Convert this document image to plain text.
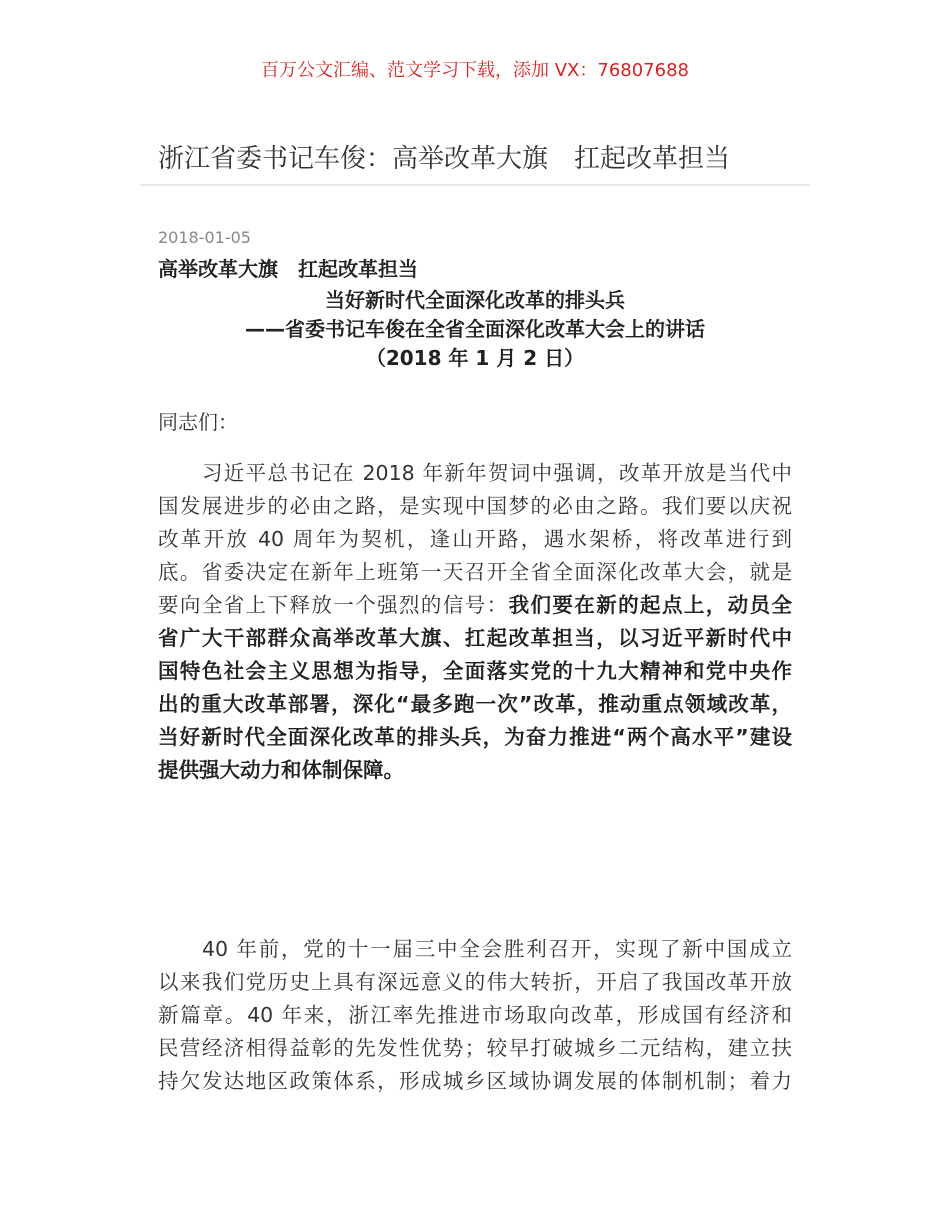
百万公文汇编、范文学习下载，添加 VX：76807688
浙江省委书记车俊：高举改革大旗　扛起改革担当
2018-01-05
高举改革大旗　扛起改革担当
当好新时代全面深化改革的排头兵
——省委书记车俊在全省全面深化改革大会上的讲话
（2018 年 1 月 2 日）
同志们：
习近平总书记在 2018 年新年贺词中强调，改革开放是当代中
国发展进步的必由之路，是实现中国梦的必由之路。我们要以庆祝
改革开放 40 周年为契机，逢山开路，遇水架桥，将改革进行到
底。省委决定在新年上班第一天召开全省全面深化改革大会，就是
要向全省上下释放一个强烈的信号：我们要在新的起点上，动员全
省广大干部群众高举改革大旗、扛起改革担当，以习近平新时代中
国特色社会主义思想为指导，全面落实党的十九大精神和党中央作
出的重大改革部署，深化“最多跑一次”改革，推动重点领域改革，
当好新时代全面深化改革的排头兵，为奋力推进“两个高水平”建设
提供强大动力和体制保障。
40 年前，党的十一届三中全会胜利召开，实现了新中国成立
以来我们党历史上具有深远意义的伟大转折，开启了我国改革开放
新篇章。40 年来，浙江率先推进市场取向改革，形成国有经济和
民营经济相得益彰的先发性优势；较早打破城乡二元结构，建立扶
持欠发达地区政策体系，形成城乡区域协调发展的体制机制；着力
